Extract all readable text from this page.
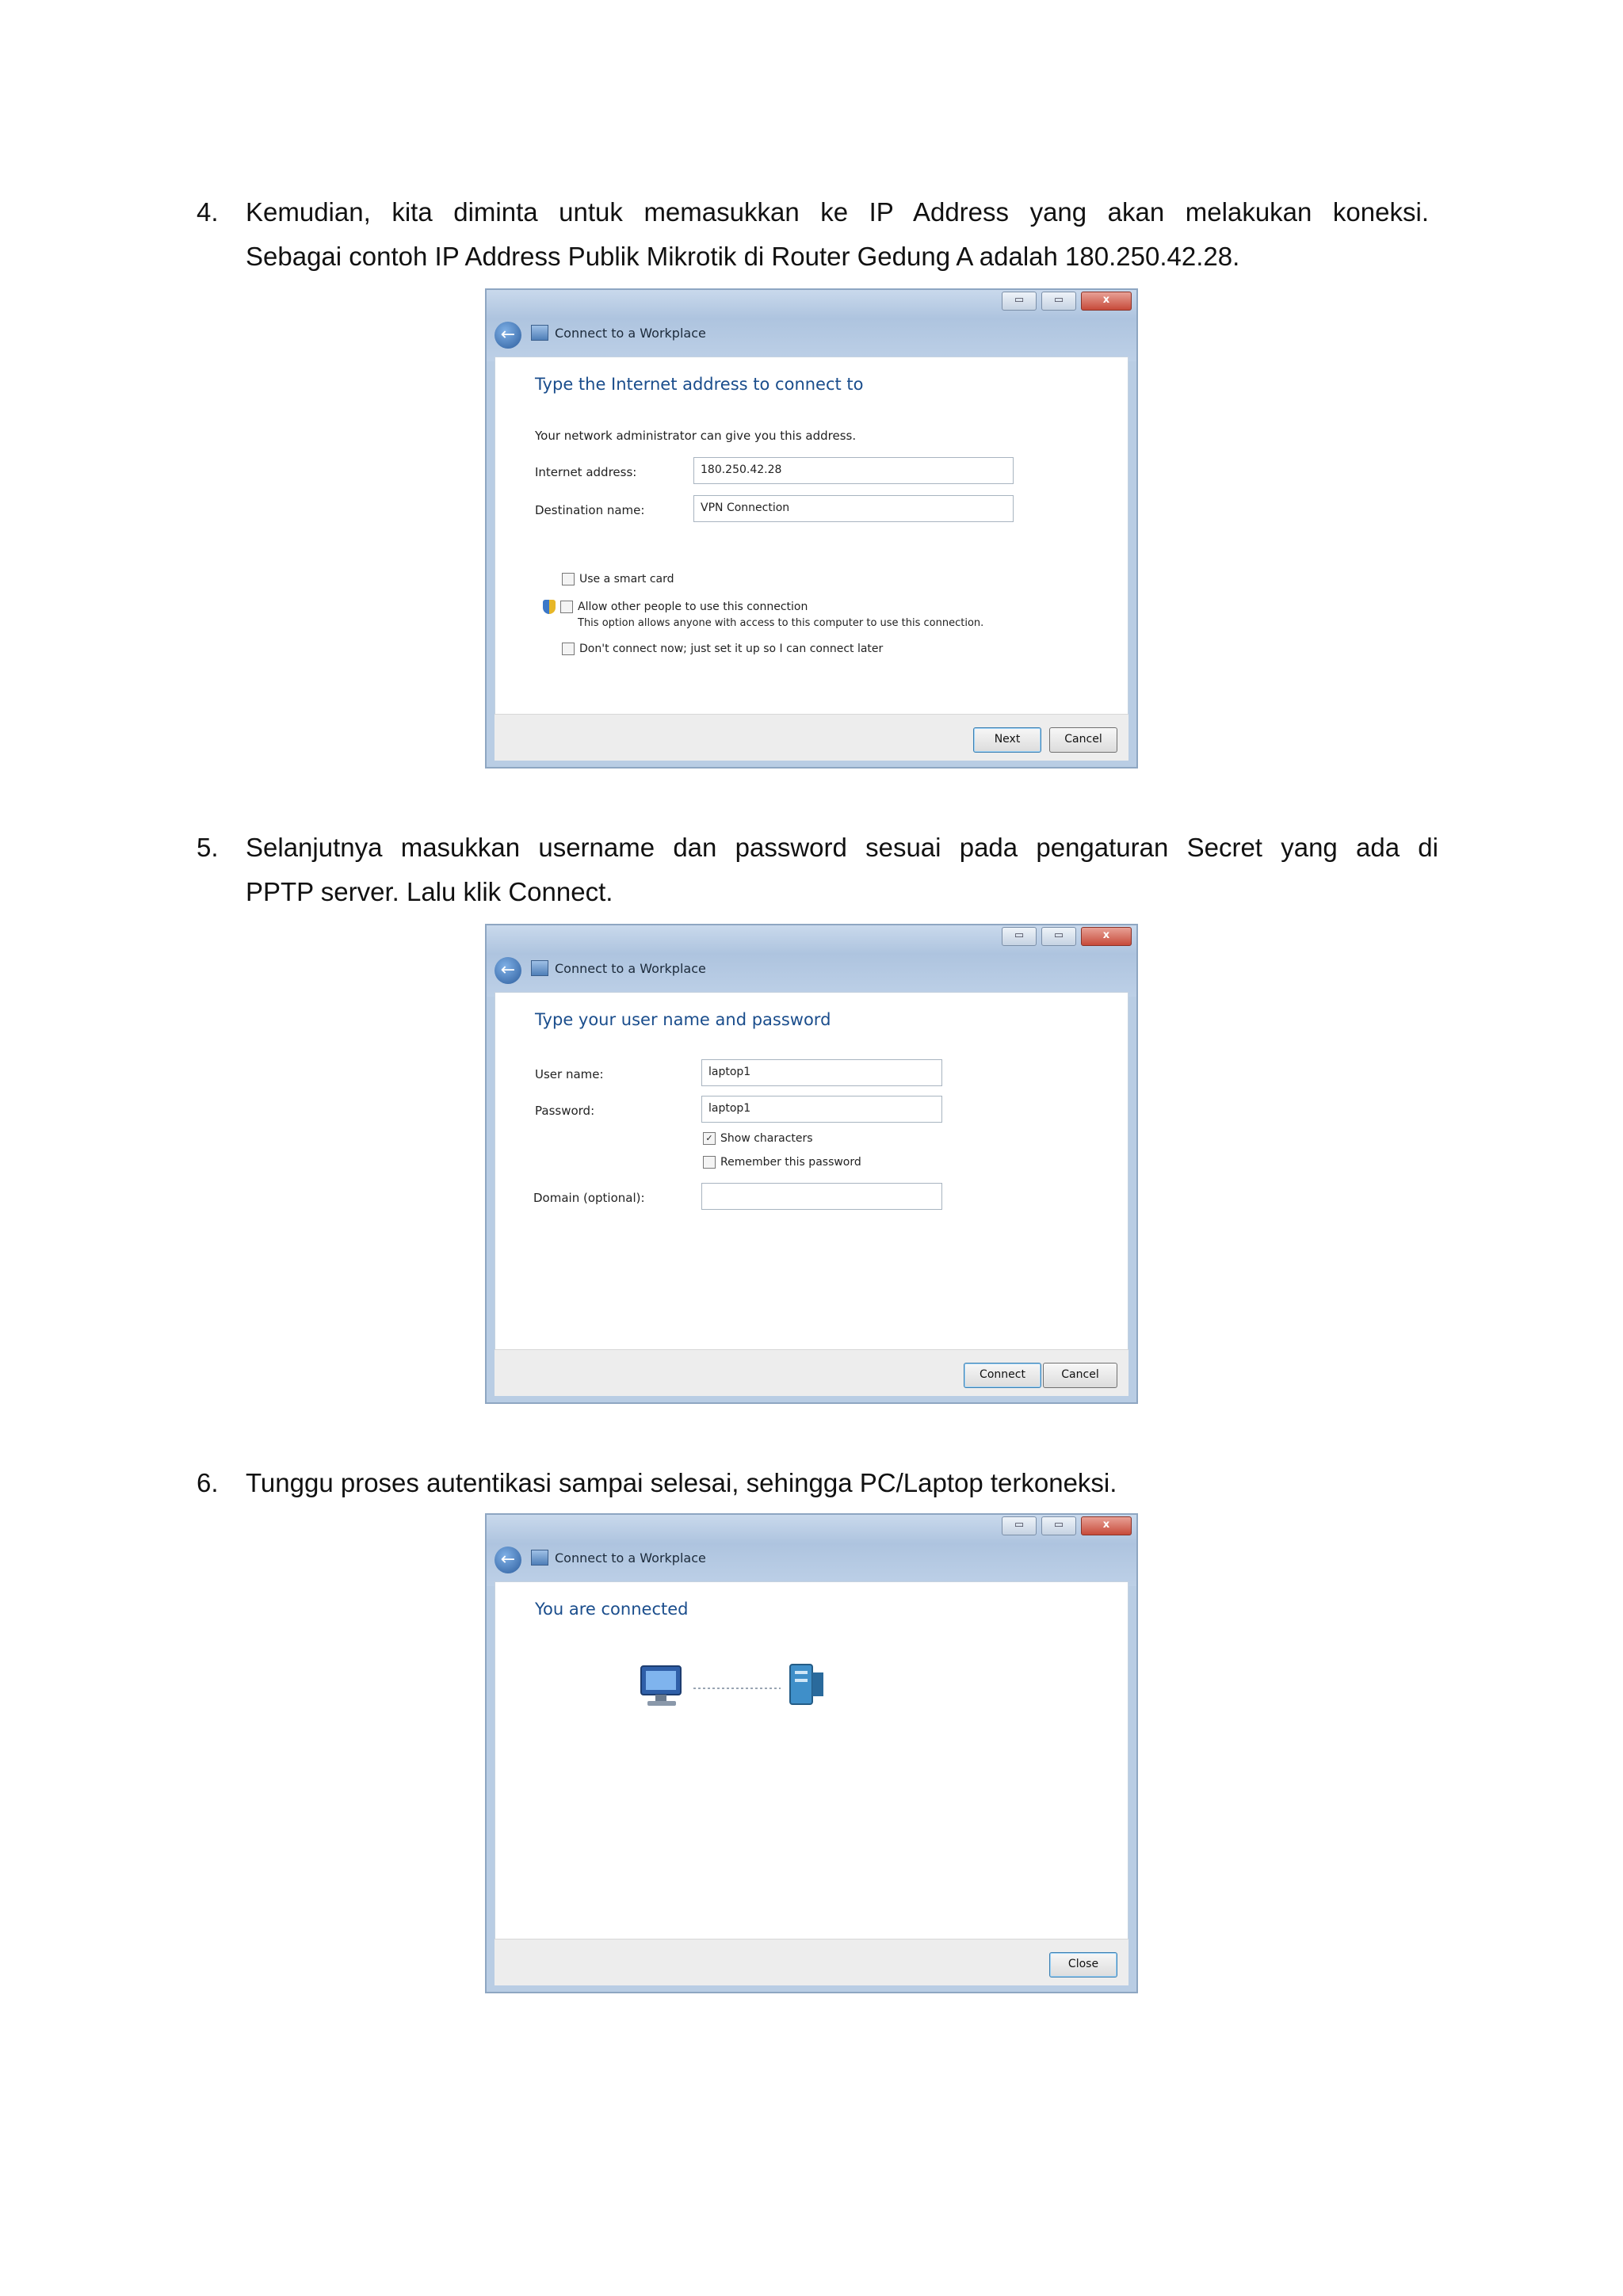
4. Kemudian, kita diminta untuk memasukkan ke IP Address yang akan melakukan koneksi.
Sebagai contoh IP Address Publik Mikrotik di Router Gedung A adalah 180.250.42.28.
▭	▭	x
←	Connect to a Workplace
Type the Internet address to connect to
Your network administrator can give you this address.
Internet address:	180.250.42.28
Destination name:	VPN Connection
Use a smart card
Allow other people to use this connection
This option allows anyone with access to this computer to use this connection.
Don't connect now; just set it up so I can connect later
Next	Cancel
5. Selanjutnya masukkan username dan password sesuai pada pengaturan Secret yang ada di
PPTP server. Lalu klik Connect.
▭	▭	x
←	Connect to a Workplace
Type your user name and password
User name:	laptop1
Password:	laptop1
✓ Show characters
Remember this password
Domain (optional):
Connect	Cancel
6. Tunggu proses autentikasi sampai selesai, sehingga PC/Laptop terkoneksi.
▭	▭	x
←	Connect to a Workplace
You are connected
Close
